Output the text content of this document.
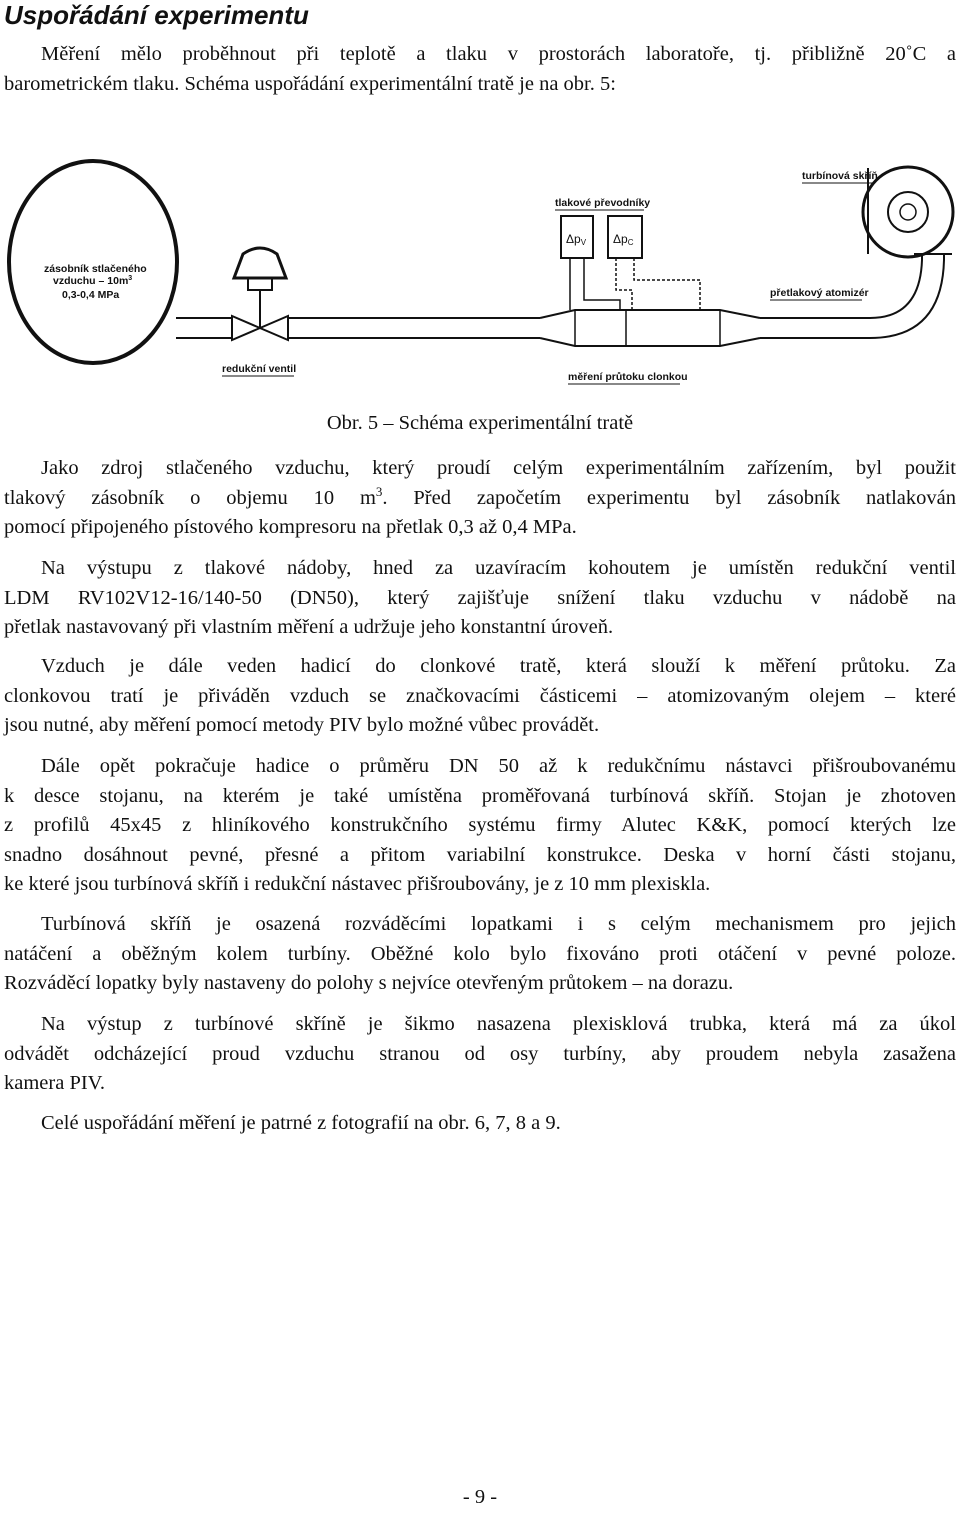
Uspořádání experimentu
Měření mělo proběhnout při teplotě a tlaku v prostorách laboratoře, tj. přibližně 20˚C a
barometrickém tlaku. Schéma uspořádání experimentální tratě je na obr. 5:
zásobník stlačeného
vzduchu – $10m^3$
0,3-0,4 MPa
redukční ventil
měření průtoku clonkou
tlakové převodníky
ΔpV ΔpC
přetlakový atomizér
turbínová skříň
Obr. 5 – Schéma experimentální tratě
Jako zdroj stlačeného vzduchu, který proudí celým experimentálním zařízením, byl použit
tlakový zásobník o objemu 10 $m^3$. Před započetím experimentu byl zásobník natlakován
pomocí připojeného pístového kompresoru na přetlak 0,3 až 0,4 MPa.
Na výstupu z tlakové nádoby, hned za uzavíracím kohoutem je umístěn redukční ventil
LDM RV102V12-16/140-50 (DN50), který zajišťuje snížení tlaku vzduchu v nádobě na
přetlak nastavovaný při vlastním měření a udržuje jeho konstantní úroveň.
Vzduch je dále veden hadicí do clonkové tratě, která slouží k měření průtoku. Za
clonkovou tratí je přiváděn vzduch se značkovacími částicemi – atomizovaným olejem – které
jsou nutné, aby měření pomocí metody PIV bylo možné vůbec provádět.
Dále opět pokračuje hadice o průměru DN 50 až k redukčnímu nástavci přišroubovanému
k desce stojanu, na kterém je také umístěna proměřovaná turbínová skříň. Stojan je zhotoven
z profilů 45x45 z hliníkového konstrukčního systému firmy Alutec K&K, pomocí kterých lze
snadno dosáhnout pevné, přesné a přitom variabilní konstrukce. Deska v horní části stojanu,
ke které jsou turbínová skříň i redukční nástavec přišroubovány, je z 10 mm plexiskla.
Turbínová skříň je osazená rozváděcími lopatkami i s celým mechanismem pro jejich
natáčení a oběžným kolem turbíny. Oběžné kolo bylo fixováno proti otáčení v pevné poloze.
Rozváděcí lopatky byly nastaveny do polohy s nejvíce otevřeným průtokem – na dorazu.
Na výstup z turbínové skříně je šikmo nasazena plexisklová trubka, která má za úkol
odvádět odcházející proud vzduchu stranou od osy turbíny, aby proudem nebyla zasažena
kamera PIV.
Celé uspořádání měření je patrné z fotografií na obr. 6, 7, 8 a 9.
- 9 -
